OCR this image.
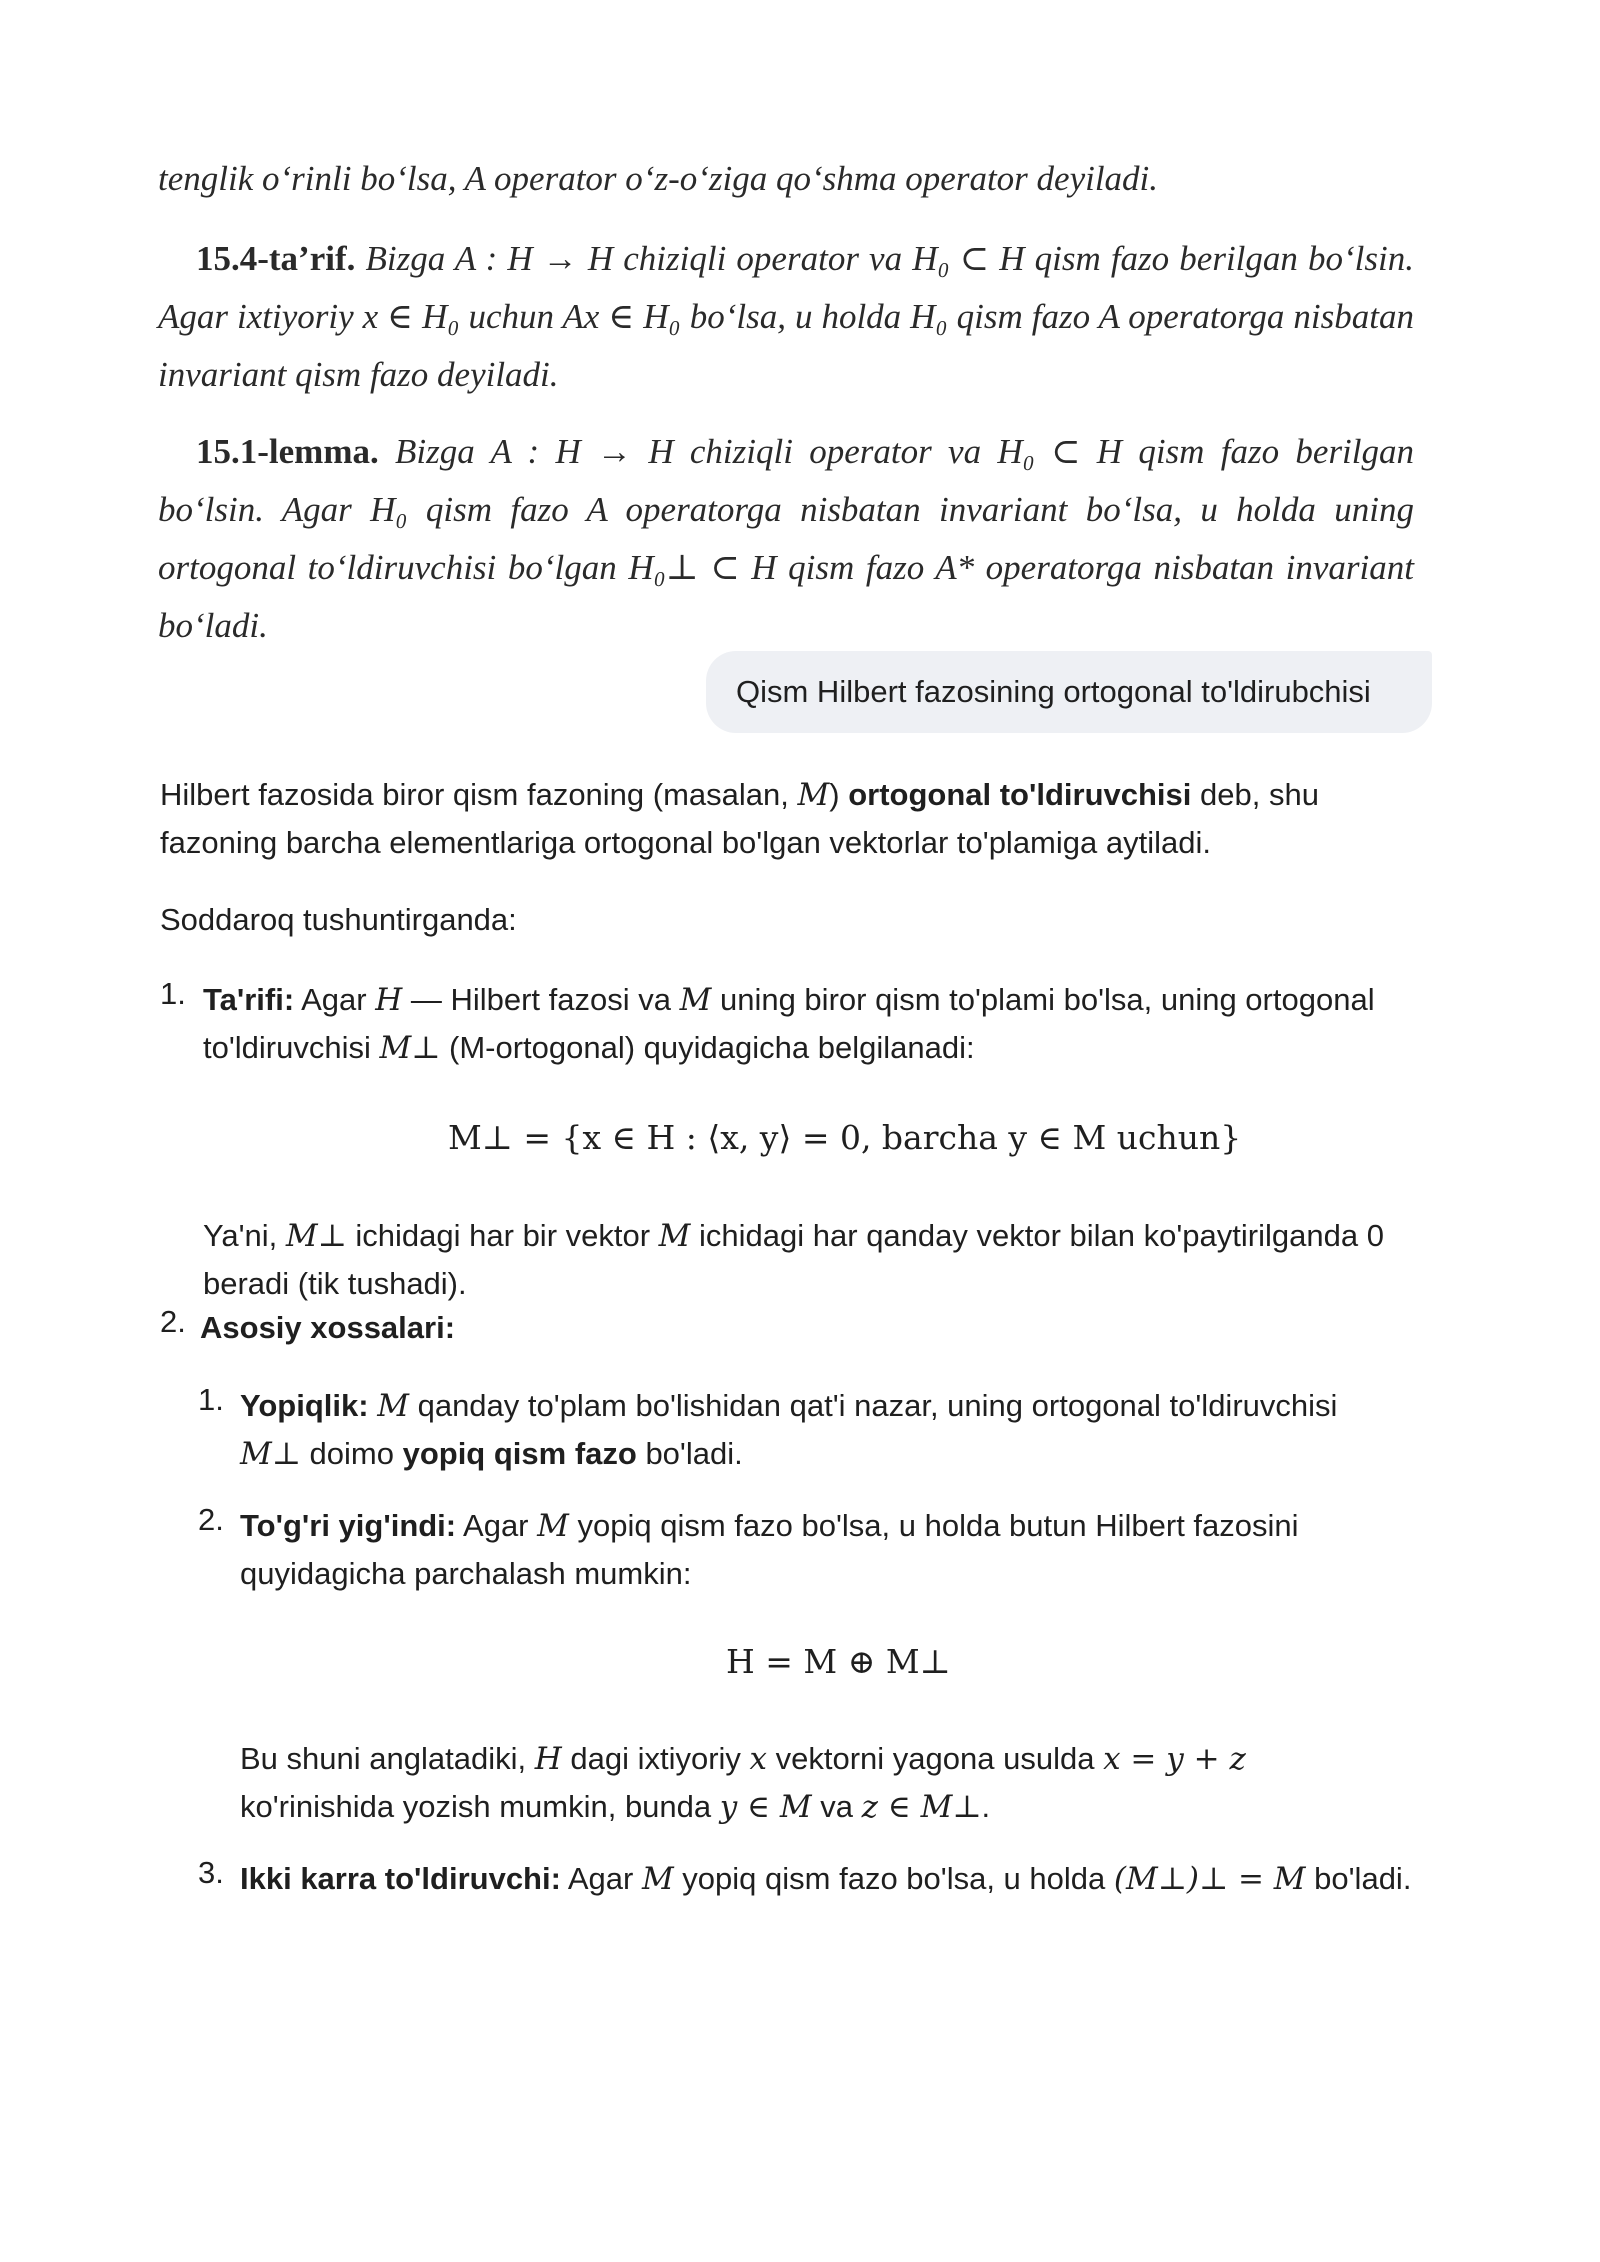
tenglik o‘rinli bo‘lsa, A operator o‘z-o‘ziga qo‘shma operator deyiladi.

15.4-ta’rif. Bizga A : H → H chiziqli operator va H₀ ⊂ H qism fazo berilgan bo‘lsin. Agar ixtiyoriy x ∈ H₀ uchun Ax ∈ H₀ bo‘lsa, u holda H₀ qism fazo A operatorga nisbatan invariant qism fazo deyiladi.

15.1-lemma. Bizga A : H → H chiziqli operator va H₀ ⊂ H qism fazo berilgan bo‘lsin. Agar H₀ qism fazo A operatorga nisbatan invariant bo‘lsa, u holda uning ortogonal to‘ldiruvchisi bo‘lgan H₀⊥ ⊂ H qism fazo A* operatorga nisbatan invariant bo‘ladi.

Qism Hilbert fazosining ortogonal to'ldirubchisi

Hilbert fazosida biror qism fazoning (masalan, M) ortogonal to'ldiruvchisi deb, shu

fazoning barcha elementlariga ortogonal bo'lgan vektorlar to'plamiga aytiladi.

Soddaroq tushuntirganda:

1. Ta'rifi: Agar H — Hilbert fazosi va M uning biror qism to'plami bo'lsa, uning ortogonal

to'ldiruvchisi M⊥ (M-ortogonal) quyidagicha belgilanadi:

M⊥ = {x ∈ H : ⟨x, y⟩ = 0, barcha y ∈ M uchun}

Ya'ni, M⊥ ichidagi har bir vektor M ichidagi har qanday vektor bilan ko'paytirilganda 0

beradi (tik tushadi).

2. Asosiy xossalari:

1. Yopiqlik: M qanday to'plam bo'lishidan qat'i nazar, uning ortogonal to'ldiruvchisi

M⊥ doimo yopiq qism fazo bo'ladi.

2. To'g'ri yig'indi: Agar M yopiq qism fazo bo'lsa, u holda butun Hilbert fazosini

quyidagicha parchalash mumkin:

H = M ⊕ M⊥

Bu shuni anglatadiki, H dagi ixtiyoriy x vektorni yagona usulda x = y + z

ko'rinishida yozish mumkin, bunda y ∈ M va z ∈ M⊥.

3. Ikki karra to'ldiruvchi: Agar M yopiq qism fazo bo'lsa, u holda (M⊥)⊥ = M bo'ladi.
